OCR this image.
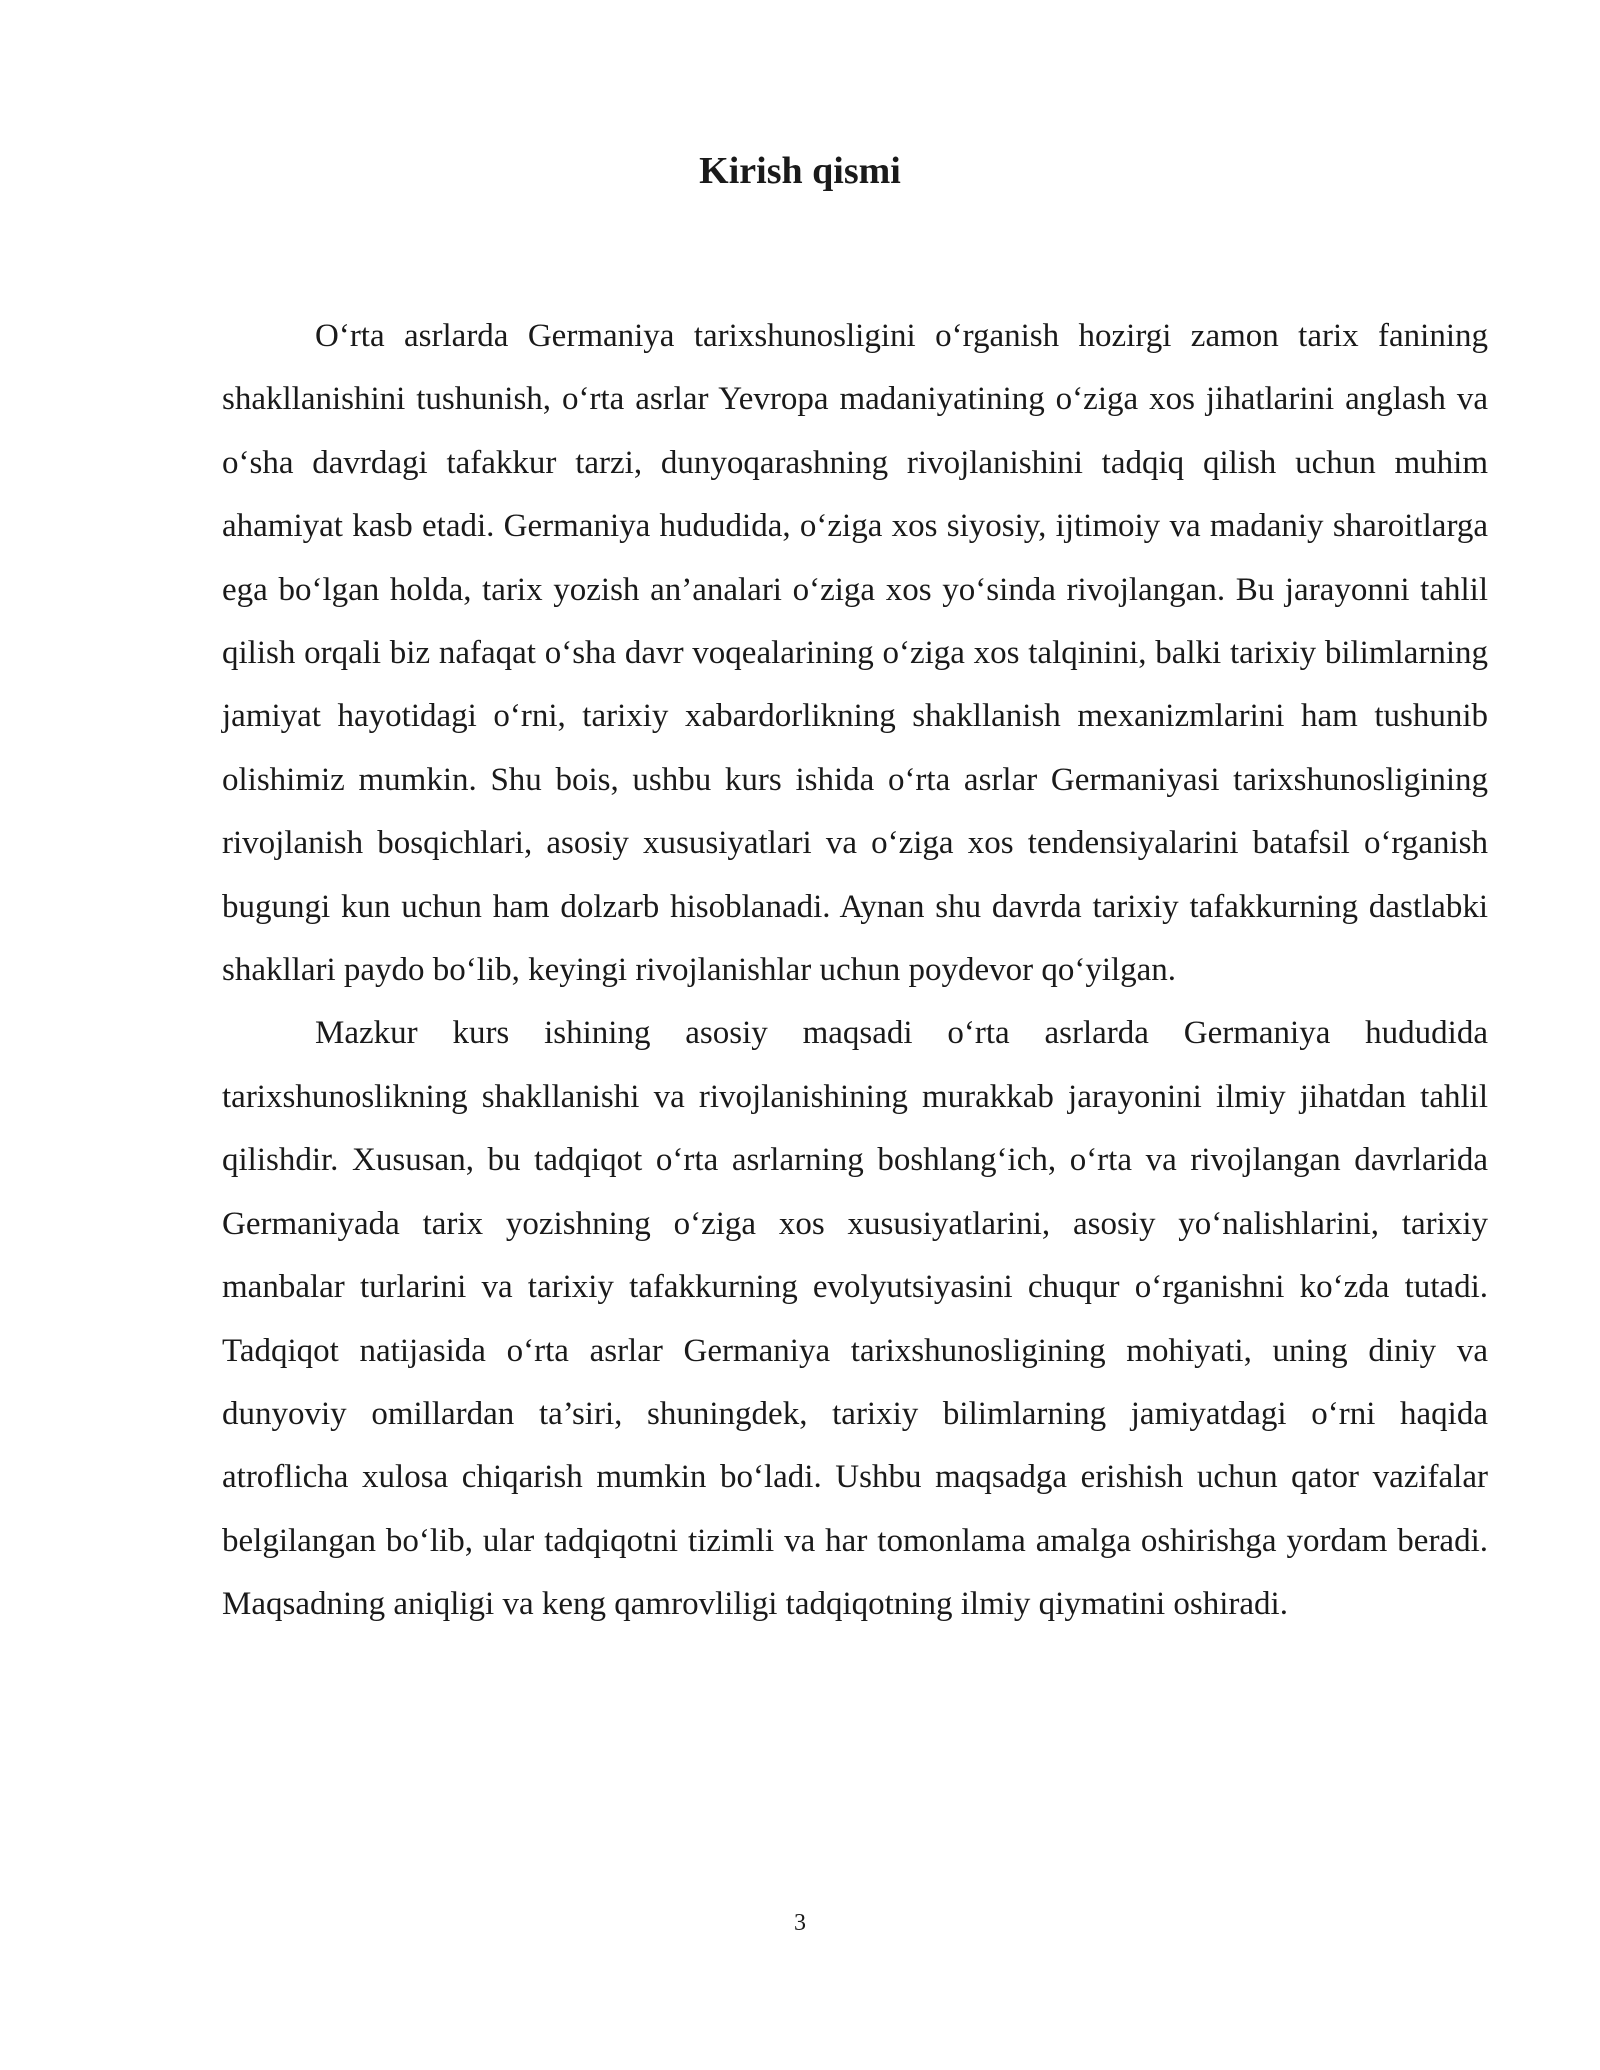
Kirish qismi

O‘rta asrlarda Germaniya tarixshunosligini o‘rganish hozirgi zamon tarix fanining shakllanishini tushunish, o‘rta asrlar Yevropa madaniyatining o‘ziga xos jihatlarini anglash va o‘sha davrdagi tafakkur tarzi, dunyoqarashning rivojlanishini tadqiq qilish uchun muhim ahamiyat kasb etadi. Germaniya hududida, o‘ziga xos siyosiy, ijtimoiy va madaniy sharoitlarga ega bo‘lgan holda, tarix yozish an’analari o‘ziga xos yo‘sinda rivojlangan. Bu jarayonni tahlil qilish orqali biz nafaqat o‘sha davr voqealarining o‘ziga xos talqinini, balki tarixiy bilimlarning jamiyat hayotidagi o‘rni, tarixiy xabardorlikning shakllanish mexanizmlarini ham tushunib olishimiz mumkin. Shu bois, ushbu kurs ishida o‘rta asrlar Germaniyasi tarixshunosligining rivojlanish bosqichlari, asosiy xususiyatlari va o‘ziga xos tendensiyalarini batafsil o‘rganish bugungi kun uchun ham dolzarb hisoblanadi. Aynan shu davrda tarixiy tafakkurning dastlabki shakllari paydo bo‘lib, keyingi rivojlanishlar uchun poydevor qo‘yilgan.

Mazkur kurs ishining asosiy maqsadi o‘rta asrlarda Germaniya hududida tarixshunoslikning shakllanishi va rivojlanishining murakkab jarayonini ilmiy jihatdan tahlil qilishdir. Xususan, bu tadqiqot o‘rta asrlarning boshlang‘ich, o‘rta va rivojlangan davrlarida Germaniyada tarix yozishning o‘ziga xos xususiyatlarini, asosiy yo‘nalishlarini, tarixiy manbalar turlarini va tarixiy tafakkurning evolyutsiyasini chuqur o‘rganishni ko‘zda tutadi. Tadqiqot natijasida o‘rta asrlar Germaniya tarixshunosligining mohiyati, uning diniy va dunyoviy omillardan ta’siri, shuningdek, tarixiy bilimlarning jamiyatdagi o‘rni haqida atroflicha xulosa chiqarish mumkin bo‘ladi. Ushbu maqsadga erishish uchun qator vazifalar belgilangan bo‘lib, ular tadqiqotni tizimli va har tomonlama amalga oshirishga yordam beradi. Maqsadning aniqligi va keng qamrovliligi tadqiqotning ilmiy qiymatini oshiradi.

3
